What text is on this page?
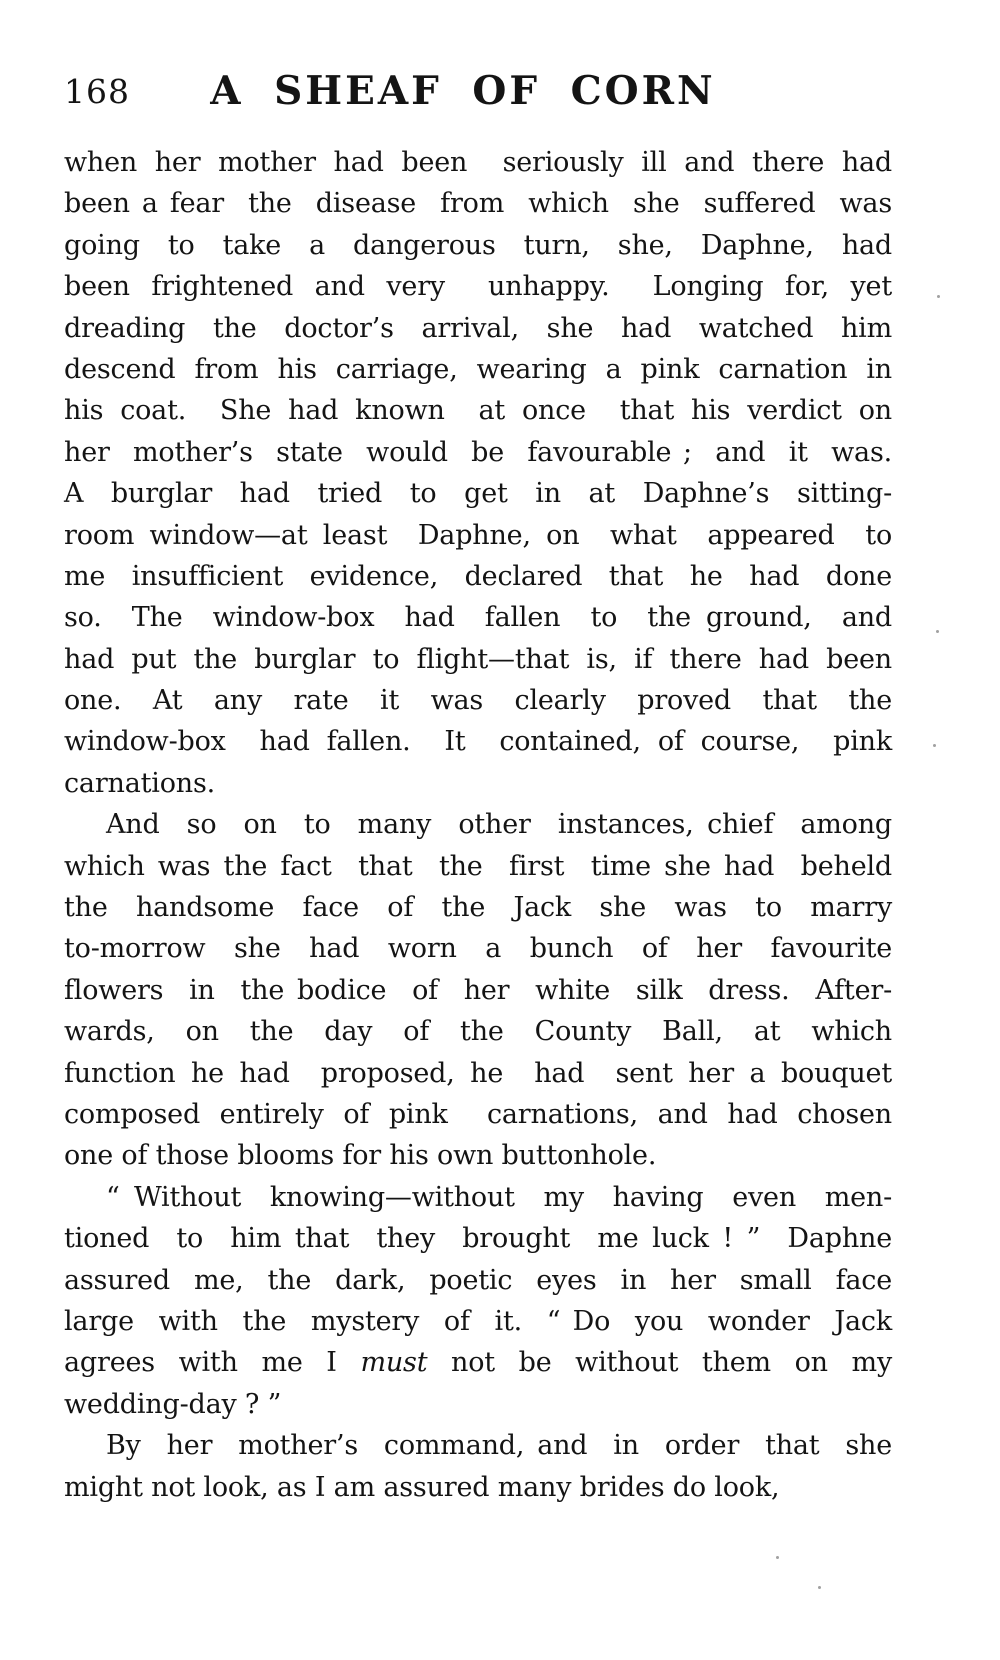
168	A SHEAF OF CORN
when her mother had been  seriously ill and there had
been a fear  the  disease  from  which  she  suffered  was
going  to  take  a  dangerous  turn,  she,  Daphne,  had
been frightened and very  unhappy.  Longing for, yet
dreading  the  doctor’s  arrival,  she  had  watched  him
descend from his carriage, wearing a pink carnation in
his coat.  She had known  at once  that his verdict on
her  mother’s  state  would  be  favourable ;  and  it  was.
A  burglar  had  tried  to  get  in  at  Daphne’s  sitting-
room window—at least  Daphne, on  what  appeared  to
me  insufficient  evidence,  declared  that  he  had  done
so.  The  window-box  had  fallen  to  the ground,  and
had put the burglar to flight—that is, if there had been
one.  At  any  rate  it  was  clearly  proved  that  the
window-box  had fallen.  It  contained, of course,  pink
carnations.
And  so  on  to  many  other  instances, chief  among
which was the fact  that  the  first  time she had  beheld
the  handsome  face  of  the  Jack  she  was  to  marry
to-morrow  she  had  worn  a  bunch  of  her  favourite
flowers  in  the bodice  of  her  white  silk  dress.  After-
wards,  on  the  day  of  the  County  Ball,  at  which
function he had  proposed, he  had  sent her a bouquet
composed entirely of pink  carnations, and had chosen
one of those blooms for his own buttonhole.
“ Without  knowing—without  my  having  even  men-
tioned  to  him that  they  brought  me luck ! ”  Daphne
assured  me,  the  dark,  poetic  eyes  in  her  small  face
large  with  the  mystery  of  it.  “ Do  you  wonder  Jack
agrees  with  me  I  must  not  be  without  them  on  my
wedding-day ? ”
By  her  mother’s  command, and  in  order  that  she
might not look, as I am assured many brides do look,
